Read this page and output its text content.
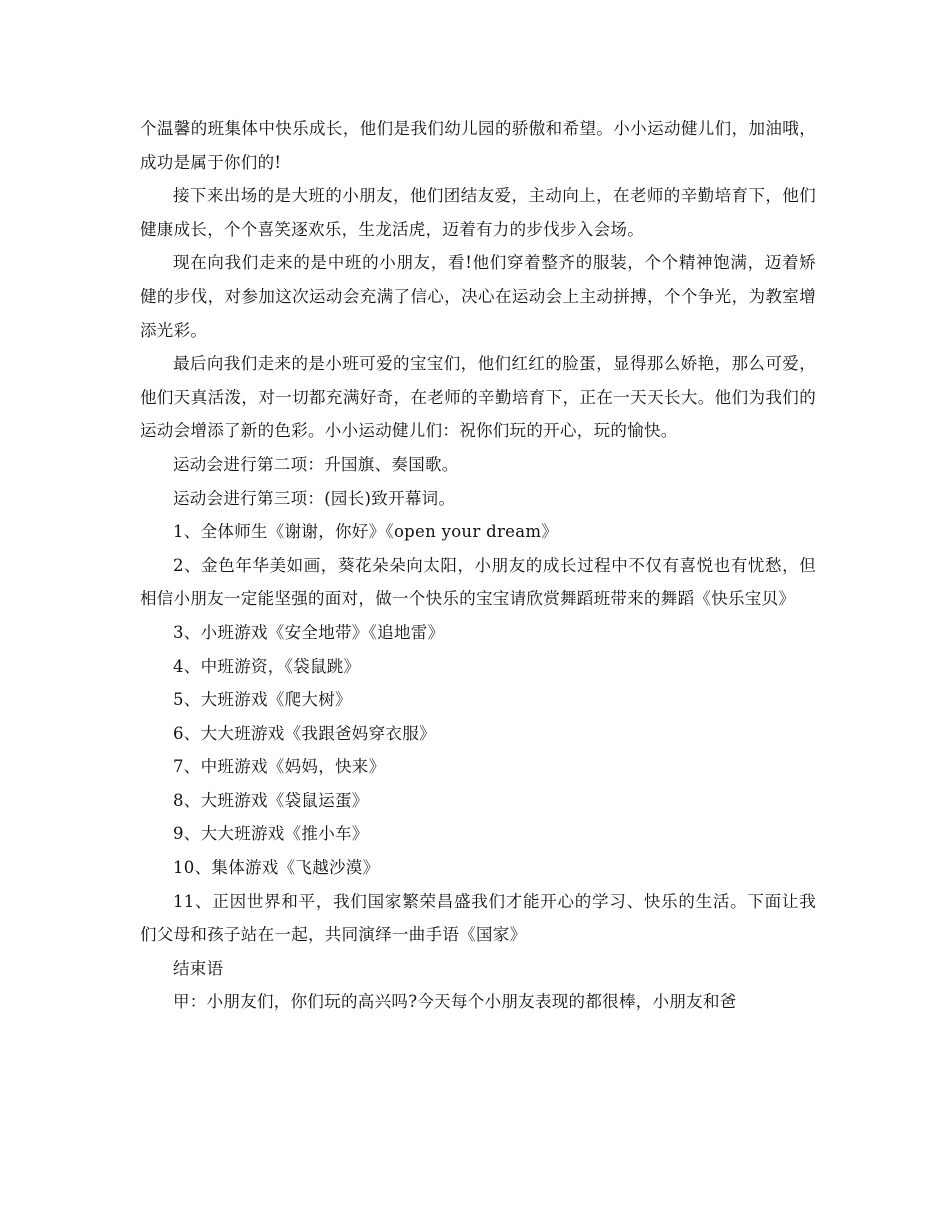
个温馨的班集体中快乐成长，他们是我们幼儿园的骄傲和希望。小小运动健儿们，加油哦，成功是属于你们的!

接下来出场的是大班的小朋友，他们团结友爱，主动向上，在老师的辛勤培育下，他们健康成长，个个喜笑逐欢乐，生龙活虎，迈着有力的步伐步入会场。

现在向我们走来的是中班的小朋友，看!他们穿着整齐的服装，个个精神饱满，迈着矫健的步伐，对参加这次运动会充满了信心，决心在运动会上主动拼搏，个个争光，为教室增添光彩。

最后向我们走来的是小班可爱的宝宝们，他们红红的脸蛋，显得那么娇艳，那么可爱，他们天真活泼，对一切都充满好奇，在老师的辛勤培育下，正在一天天长大。他们为我们的运动会增添了新的色彩。小小运动健儿们：祝你们玩的开心，玩的愉快。

运动会进行第二项：升国旗、奏国歌。

运动会进行第三项：(园长)致开幕词。

1、全体师生《谢谢，你好》《open your dream》

2、金色年华美如画，葵花朵朵向太阳，小朋友的成长过程中不仅有喜悦也有忧愁，但相信小朋友一定能坚强的面对，做一个快乐的宝宝请欣赏舞蹈班带来的舞蹈《快乐宝贝》

3、小班游戏《安全地带》《追地雷》

4、中班游资，《袋鼠跳》

5、大班游戏《爬大树》

6、大大班游戏《我跟爸妈穿衣服》

7、中班游戏《妈妈，快来》

8、大班游戏《袋鼠运蛋》

9、大大班游戏《推小车》

10、集体游戏《飞越沙漠》

11、正因世界和平，我们国家繁荣昌盛我们才能开心的学习、快乐的生活。下面让我们父母和孩子站在一起，共同演绎一曲手语《国家》

结束语

甲：小朋友们，你们玩的高兴吗?今天每个小朋友表现的都很棒，小朋友和爸
